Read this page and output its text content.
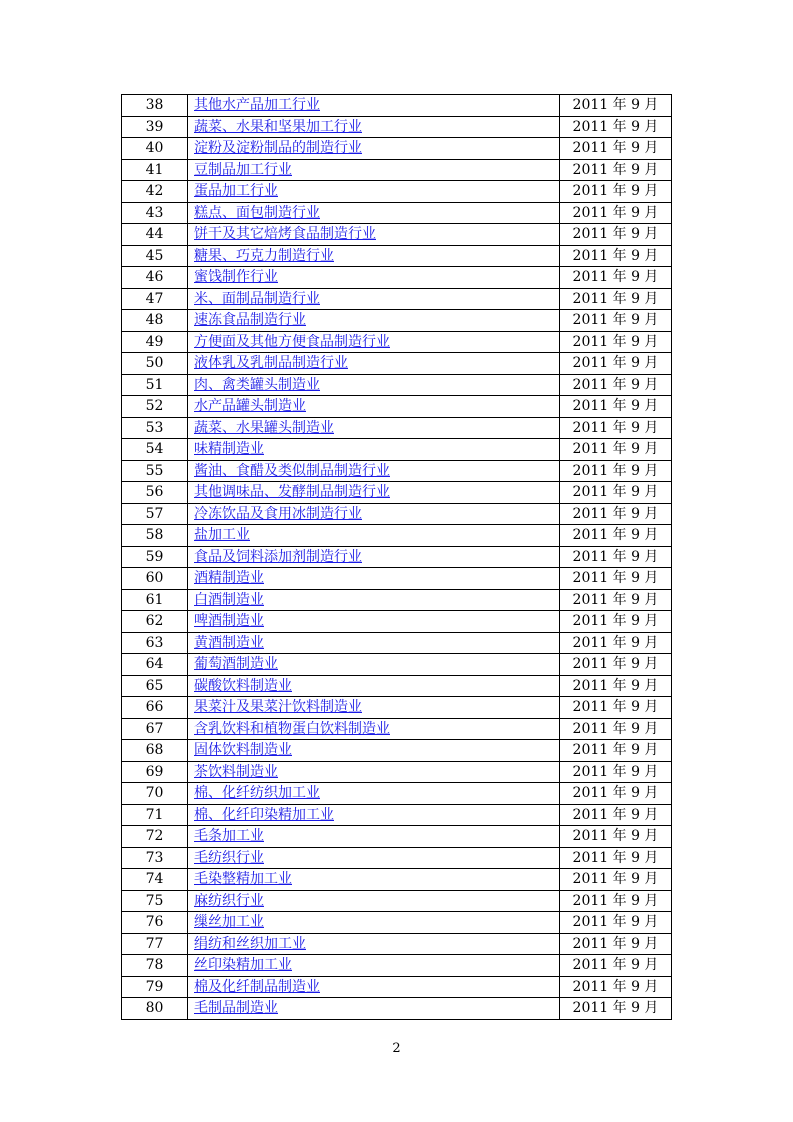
38	其他水产品加工行业	2011 年 9 月
39	蔬菜、水果和坚果加工行业	2011 年 9 月
40	淀粉及淀粉制品的制造行业	2011 年 9 月
41	豆制品加工行业	2011 年 9 月
42	蛋品加工行业	2011 年 9 月
43	糕点、面包制造行业	2011 年 9 月
44	饼干及其它焙烤食品制造行业	2011 年 9 月
45	糖果、巧克力制造行业	2011 年 9 月
46	蜜饯制作行业	2011 年 9 月
47	米、面制品制造行业	2011 年 9 月
48	速冻食品制造行业	2011 年 9 月
49	方便面及其他方便食品制造行业	2011 年 9 月
50	液体乳及乳制品制造行业	2011 年 9 月
51	肉、禽类罐头制造业	2011 年 9 月
52	水产品罐头制造业	2011 年 9 月
53	蔬菜、水果罐头制造业	2011 年 9 月
54	味精制造业	2011 年 9 月
55	酱油、食醋及类似制品制造行业	2011 年 9 月
56	其他调味品、发酵制品制造行业	2011 年 9 月
57	冷冻饮品及食用冰制造行业	2011 年 9 月
58	盐加工业	2011 年 9 月
59	食品及饲料添加剂制造行业	2011 年 9 月
60	酒精制造业	2011 年 9 月
61	白酒制造业	2011 年 9 月
62	啤酒制造业	2011 年 9 月
63	黄酒制造业	2011 年 9 月
64	葡萄酒制造业	2011 年 9 月
65	碳酸饮料制造业	2011 年 9 月
66	果菜汁及果菜汁饮料制造业	2011 年 9 月
67	含乳饮料和植物蛋白饮料制造业	2011 年 9 月
68	固体饮料制造业	2011 年 9 月
69	茶饮料制造业	2011 年 9 月
70	棉、化纤纺织加工业	2011 年 9 月
71	棉、化纤印染精加工业	2011 年 9 月
72	毛条加工业	2011 年 9 月
73	毛纺织行业	2011 年 9 月
74	毛染整精加工业	2011 年 9 月
75	麻纺织行业	2011 年 9 月
76	缫丝加工业	2011 年 9 月
77	绢纺和丝织加工业	2011 年 9 月
78	丝印染精加工业	2011 年 9 月
79	棉及化纤制品制造业	2011 年 9 月
80	毛制品制造业	2011 年 9 月
2
